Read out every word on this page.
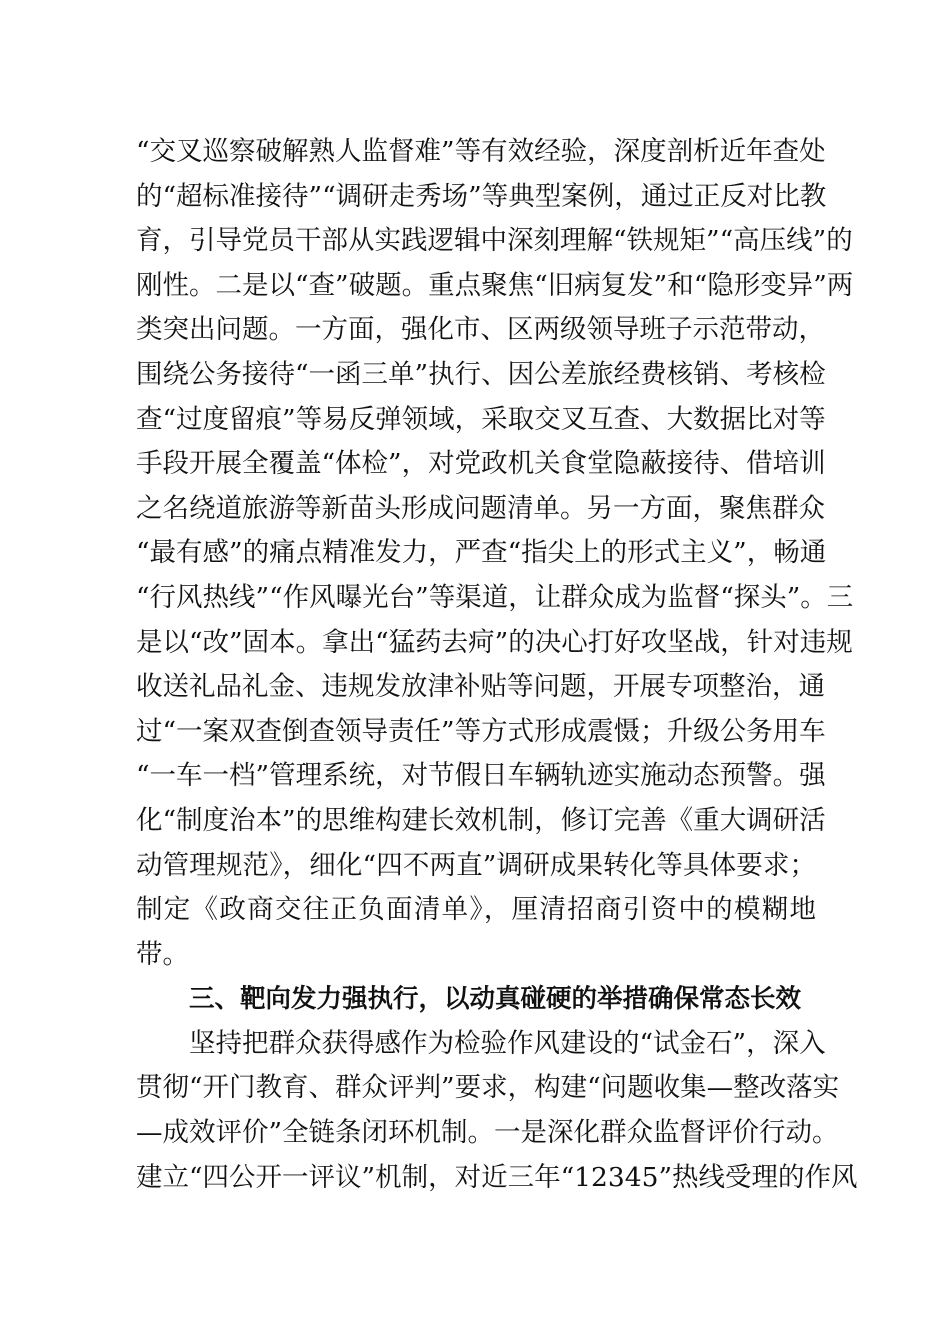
“交叉巡察破解熟人监督难”等有效经验，深度剖析近年查处
的“超标准接待”“调研走秀场”等典型案例，通过正反对比教
育，引导党员干部从实践逻辑中深刻理解“铁规矩”“高压线”的
刚性。二是以“查”破题。重点聚焦“旧病复发”和“隐形变异”两
类突出问题。一方面，强化市、区两级领导班子示范带动，
围绕公务接待“一函三单”执行、因公差旅经费核销、考核检
查“过度留痕”等易反弹领域，采取交叉互查、大数据比对等
手段开展全覆盖“体检”，对党政机关食堂隐蔽接待、借培训
之名绕道旅游等新苗头形成问题清单。另一方面，聚焦群众
“最有感”的痛点精准发力，严查“指尖上的形式主义”，畅通
“行风热线”“作风曝光台”等渠道，让群众成为监督“探头”。三
是以“改”固本。拿出“猛药去疴”的决心打好攻坚战，针对违规
收送礼品礼金、违规发放津补贴等问题，开展专项整治，通
过“一案双查倒查领导责任”等方式形成震慑；升级公务用车
“一车一档”管理系统，对节假日车辆轨迹实施动态预警。强
化“制度治本”的思维构建长效机制，修订完善《重大调研活
动管理规范》，细化“四不两直”调研成果转化等具体要求；
制定《政商交往正负面清单》，厘清招商引资中的模糊地
带。
三、靶向发力强执行，以动真碰硬的举措确保常态长效
坚持把群众获得感作为检验作风建设的“试金石”，深入
贯彻“开门教育、群众评判”要求，构建“问题收集—整改落实
—成效评价”全链条闭环机制。一是深化群众监督评价行动。
建立“四公开一评议”机制，对近三年“12345”热线受理的作风
